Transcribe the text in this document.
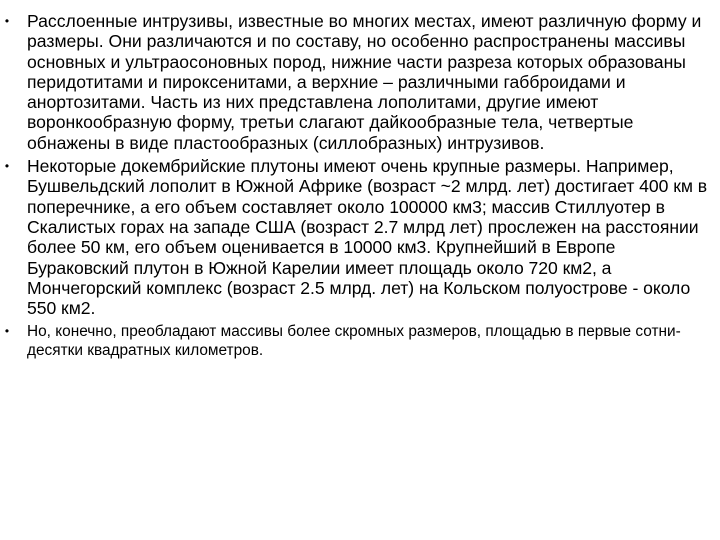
• Расслоенные интрузивы, известные во многих местах, имеют различную форму и размеры. Они различаются и по составу, но особенно распространены массивы основных и ультраосоновных пород, нижние части разреза которых образованы перидотитами и пироксенитами, а верхние – различными габброидами и анортозитами. Часть из них представлена лополитами, другие имеют воронкообразную форму, третьи слагают дайкообразные тела, четвертые обнажены в виде пластообразных (силлобразных) интрузивов.
• Некоторые докембрийские плутоны имеют очень крупные размеры. Например, Бушвельдский лополит в Южной Африке (возраст ~2 млрд. лет) достигает 400 км в поперечнике, а его объем составляет около 100000 км3; массив Стиллуотер в Скалистых горах на западе США (возраст 2.7 млрд лет) прослежен на расстоянии более 50 км, его объем оценивается в 10000 км3. Крупнейший в Европе Бураковский плутон в Южной Карелии имеет площадь около 720 км2, а Мончегорский комплекс (возраст 2.5 млрд. лет) на Кольском полуострове - около 550 км2.
•	Но, конечно, преобладают массивы более скромных размеров, площадью в первые сотни-десятки квадратных километров.
